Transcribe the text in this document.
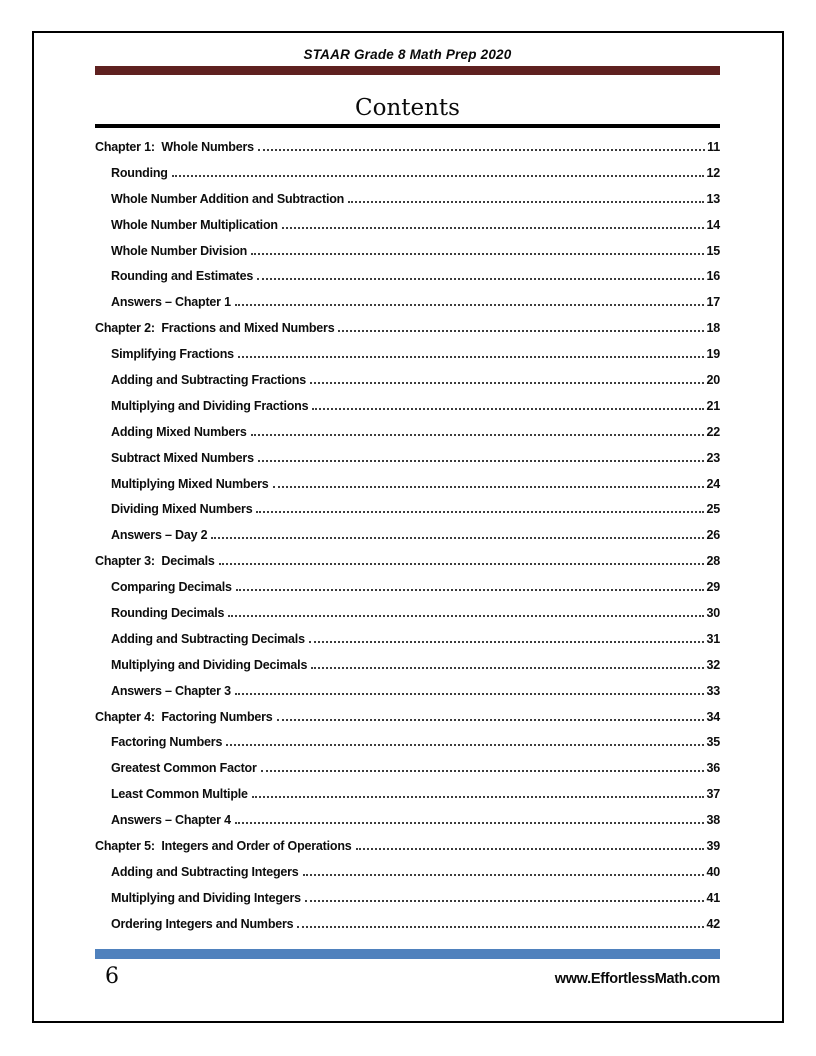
STAAR Grade 8 Math Prep 2020
Contents
Chapter 1:  Whole Numbers	11
Rounding	12
Whole Number Addition and Subtraction	13
Whole Number Multiplication	14
Whole Number Division	15
Rounding and Estimates	16
Answers – Chapter 1	17
Chapter 2:  Fractions and Mixed Numbers	18
Simplifying Fractions	19
Adding and Subtracting Fractions	20
Multiplying and Dividing Fractions	21
Adding Mixed Numbers	22
Subtract Mixed Numbers	23
Multiplying Mixed Numbers	24
Dividing Mixed Numbers	25
Answers – Day 2	26
Chapter 3:  Decimals	28
Comparing Decimals	29
Rounding Decimals	30
Adding and Subtracting Decimals	31
Multiplying and Dividing Decimals	32
Answers – Chapter 3	33
Chapter 4:  Factoring Numbers	34
Factoring Numbers	35
Greatest Common Factor	36
Least Common Multiple	37
Answers – Chapter 4	38
Chapter 5:  Integers and Order of Operations	39
Adding and Subtracting Integers	40
Multiplying and Dividing Integers	41
Ordering Integers and Numbers	42
6	www.EffortlessMath.com
